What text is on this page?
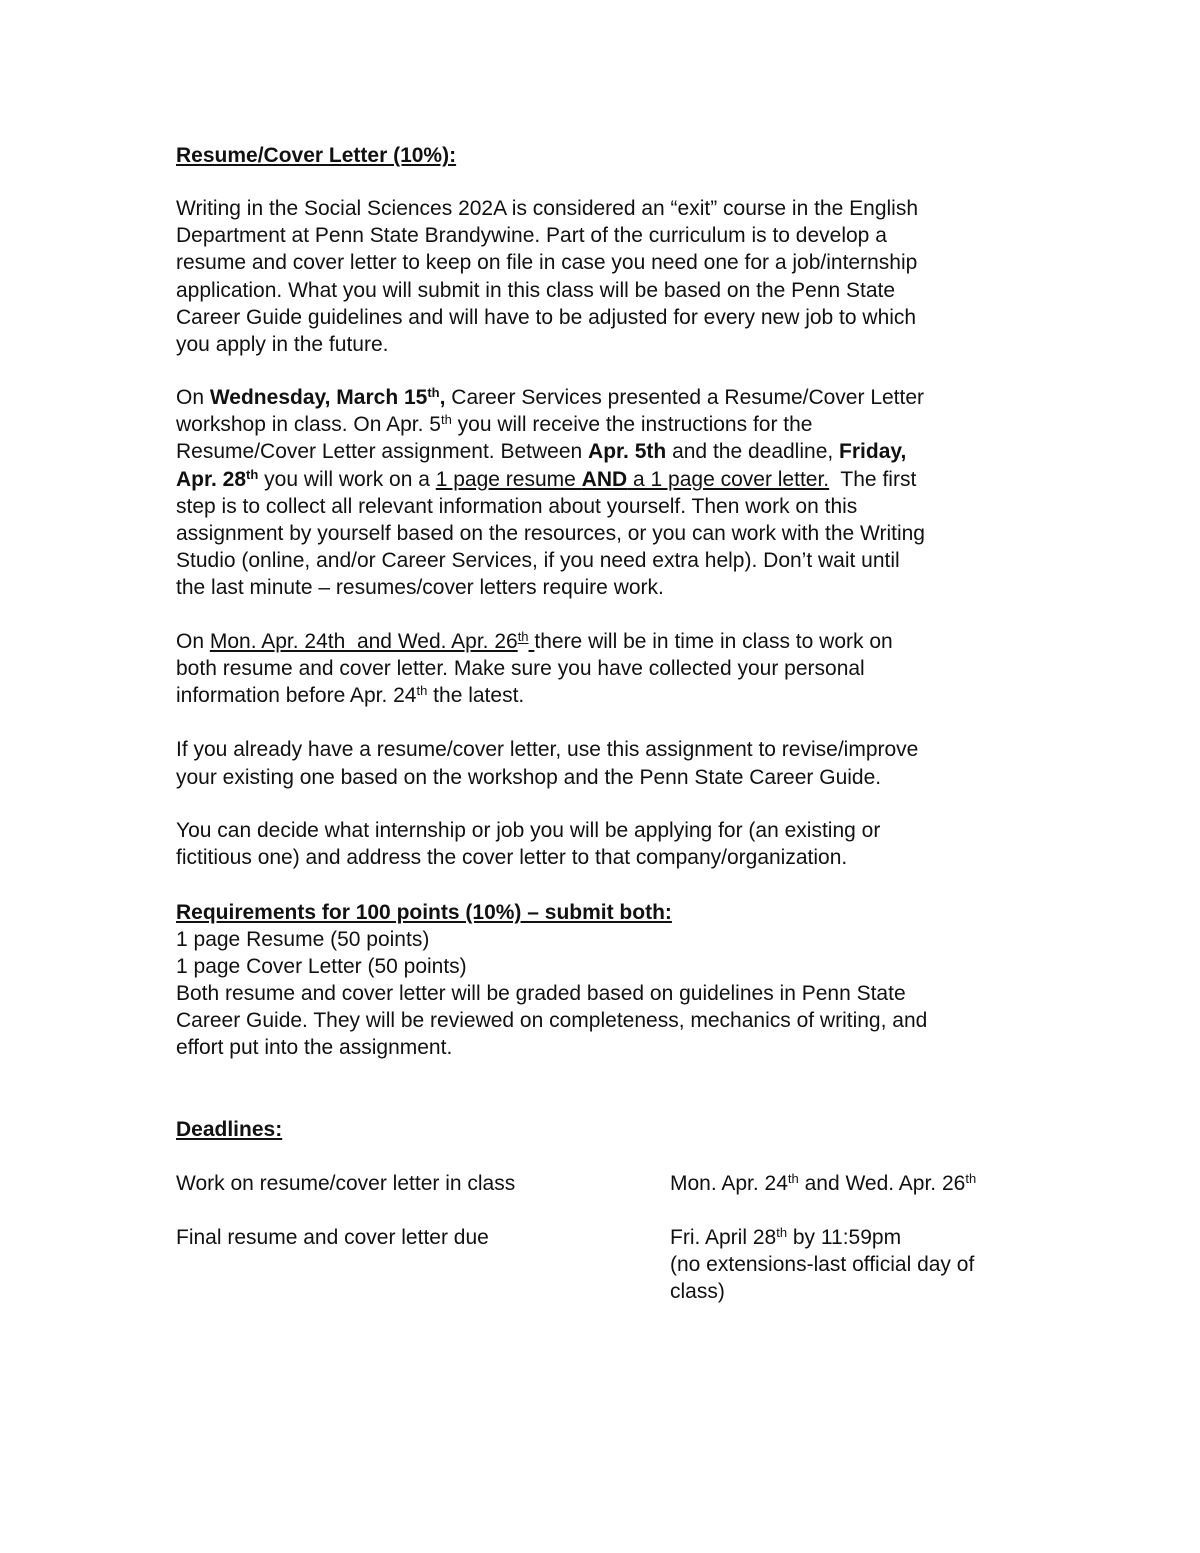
Resume/Cover Letter (10%):
Writing in the Social Sciences 202A is considered an “exit” course in the English
Department at Penn State Brandywine. Part of the curriculum is to develop a
resume and cover letter to keep on file in case you need one for a job/internship
application. What you will submit in this class will be based on the Penn State
Career Guide guidelines and will have to be adjusted for every new job to which
you apply in the future.
On Wednesday, March 15th, Career Services presented a Resume/Cover Letter
workshop in class. On Apr. 5th you will receive the instructions for the
Resume/Cover Letter assignment. Between Apr. 5th and the deadline, Friday,
Apr. 28th you will work on a 1 page resume AND a 1 page cover letter.  The first
step is to collect all relevant information about yourself. Then work on this
assignment by yourself based on the resources, or you can work with the Writing
Studio (online, and/or Career Services, if you need extra help). Don’t wait until
the last minute – resumes/cover letters require work.
On Mon. Apr. 24th  and Wed. Apr. 26th there will be in time in class to work on
both resume and cover letter. Make sure you have collected your personal
information before Apr. 24th the latest.
If you already have a resume/cover letter, use this assignment to revise/improve
your existing one based on the workshop and the Penn State Career Guide.
You can decide what internship or job you will be applying for (an existing or
fictitious one) and address the cover letter to that company/organization.
Requirements for 100 points (10%) – submit both:
1 page Resume (50 points)
1 page Cover Letter (50 points)
Both resume and cover letter will be graded based on guidelines in Penn State
Career Guide. They will be reviewed on completeness, mechanics of writing, and
effort put into the assignment.
Deadlines:
Work on resume/cover letter in class	Mon. Apr. 24th and Wed. Apr. 26th
Final resume and cover letter due	Fri. April 28th by 11:59pm
(no extensions-last official day of
class)
